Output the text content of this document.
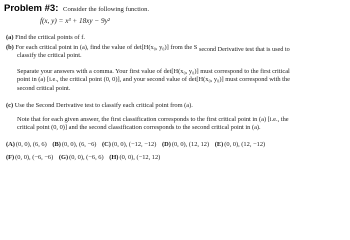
Problem #3: Consider the following function.
f(x, y) = x³ + 18xy − 9y²
(a) Find the critical points of f.
(b) For each critical point in (a), find the value of det[H(x₀, y₀)] from the S second Derivative test that is used to
classify the critical point.
Separate your answers with a comma. Your first value of det[H(x₀, y₀)] must correspond to the first critical
point in (a) [i.e., the critical point (0, 0)], and your second value of det[H(x₀, y₀)] must correspond with the
second critical point.
(c) Use the Second Derivative test to classify each critical point from (a).
Note that for each given answer, the first classification corresponds to the first critical point in (a) [i.e., the
critical point (0, 0)] and the second classification corresponds to the second critical point in (a).
(A)(0, 0), (6, 6) (B)(0, 0), (6, −6) (C)(0, 0), (−12, −12) (D)(0, 0), (12, 12) (E)(0, 0), (12, −12)
(F)(0, 0), (−6, −6) (G)(0, 0), (−6, 6) (H)(0, 0), (−12, 12)
